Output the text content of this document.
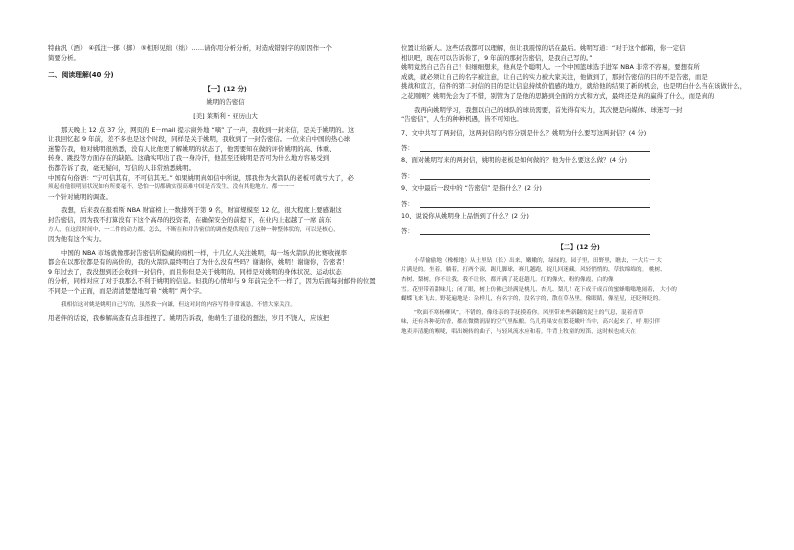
特曲汎（酒） ④孤注一掷（掷） ⑤相形见绌（绌）……请你用分析分析，对造成错别字的原因作一个
简要分析。
二、阅读理解(40 分)
【一】(12 分)
姚明的告密信
[美] 莱斯利・亚历山大
那天晚上 12 点 37 分，网页的 E－mail 提示窗外地 “嘀” 了一声，我收到一封来信，是关于姚明的。这
让我回忆起 9 年前，差不多也是这个时段，同样是关于姚明，我收到了一封告密信。一位来自中国的热心球
迷警告我，他对姚明很熟悉，没有人比他更了解姚明的状态了，他需要知在做的评价姚明的高、体重、
转身、跳投等方面存在的缺陷。这确实叩出了我一身冷汗，他甚至还姚明是否可为什么地方容易受到
伤都告诉了我，毫无疑问，写信的人非常熟悉姚明。
中国有句俗语：“宁可信其有，不可信其无。” 如果姚明真如信中所说，那我作为火箭队的老板可就亏大了，必
须起看他很明显状况如有所要毫不，恐怕一切都确实很高难中国是否发生，没有其他地方，都一一一
一个针对姚明的调查。
我想，后来我在报看斯 NBA 财富榜上一数排列于第 9 名，财富规模至 12 亿，很大程度上要感谢这
封告密信，因为我不打算没有下这个高昂的投资者，在确保安全的前提下，在业内上起越了一席 前东
方人，在这段时间中，一二件的动力都，怎么，不断在和并告密信的调查提供现在了这种一种整体状的，可以是核心，
因为他有这个实力。
中国的 NBA 市场就像那封告密信所隐藏的商机一样，十几亿人关注姚明，每一场火箭队的比赛收视率
都会在以那位都是有的高价的，我的火箭队最终明白了为什么没有些吗？谢谢你，姚明！谢谢你，告密者！
9 年过去了，我没想到还会收到一封信件，而且你但是关于姚明的。同样是对姚明的身体状况、运动状态
的分析，同样对应了对于我那么不利于姚明的信息。但我的心情却与 9 年前完全不一样了，因为后面每封邮件的位置
不同是一个正面，而是清清楚楚地写着 “姚明” 两个字。
我相信这对姚是姚明自己写的，虽然我一向谦，但这对封的内容写得非常诚恳，不惜大家关注。
用老伴的话说，我参解高查有点非扭捏了。姚明告诉我，他萌生了退役的想法，岁月不饶人，应该把
位置让给新人。这些话我都可以理解，但让我震惊的话在最后。姚明写道：“对于这个邮箱，你一定信
相识吧，现在可以告诉你了，9 年前的那封告密信，是我自己写的。”
姚明竟然自己告自己！但细细想来，他真是个聪明人。一个中国篮球选手进军 NBA 非常不容易，要想有所
成就，就必须让自己的名字被注意，让自己的实力被大家关注，他做到了，那封告密信的目的不是告密，而是
挑战和宣言，信件的第二封信的目的是让信息持续价值感的地方，就给他的结果了新的机会，也是明白什么当在该做什么，
之花刚刚？姚明先会为了不惜，别管为了是他的思路到全面的方式和方式，最终还是真的赢得了什么，而是真的
我再向姚明学习，我想以自己的球队的球员需要，首先得有实力，其次便是向媒体、球迷写一封
“告密信”，人生的种种机遇，皆不可知也。
7、文中共写了两封信，这两封信的内容分别是什么？姚明为什么要写这两封信？(4 分)
答：
8、面对姚明写来的两封信，姚明的老板是如何做的？他为什么要这么做？(4 分)
答：
9、文中最后一段中的 “告密信” 是指什么？(2 分)
答：
10、说说你从姚明身上品悟到了什么？(2 分)
答：
【二】(12 分)
小草偷偷地（橡橡地）从土里钻（长）出来，嫩嫩的，绿绿的。园子里，田野里，瞧去，一大片一 大
片满是的。坐着，躺着，打两个滚，踢几脚球，赛几趟跑，捉几回迷藏。风轻悄悄的，草软绵绵的。 桃树、
杏树、梨树，你不让我，我不让你，都开满了花赶趟儿。红的像火，粉的像霞，白的像
雪。花里带着甜味儿；闭了眼，树上仿佛已经满是桃儿、杏儿、梨儿！花下成千成百的蜜蜂嗡嗡地闹着， 大小的
蝴蝶飞来飞去。野花遍地是：杂样儿，有名字的，没名字的，散在草丛里，像眼睛，像星星，还眨呀眨的。
“吹面不寒杨柳风”，不错的，像母亲的手抚摸着你。风里带来些新翻的泥土的气息，混着青草
味，还有各种花的香，都在微微润湿的空气里酝酿。鸟儿将巢安在繁花嫩叶当中，高兴起来了，呼 朋引伴
地卖弄清脆的喉咙，唱出婉转的曲子，与轻风流水应和着。牛背上牧童的短笛，这时候也成天在
